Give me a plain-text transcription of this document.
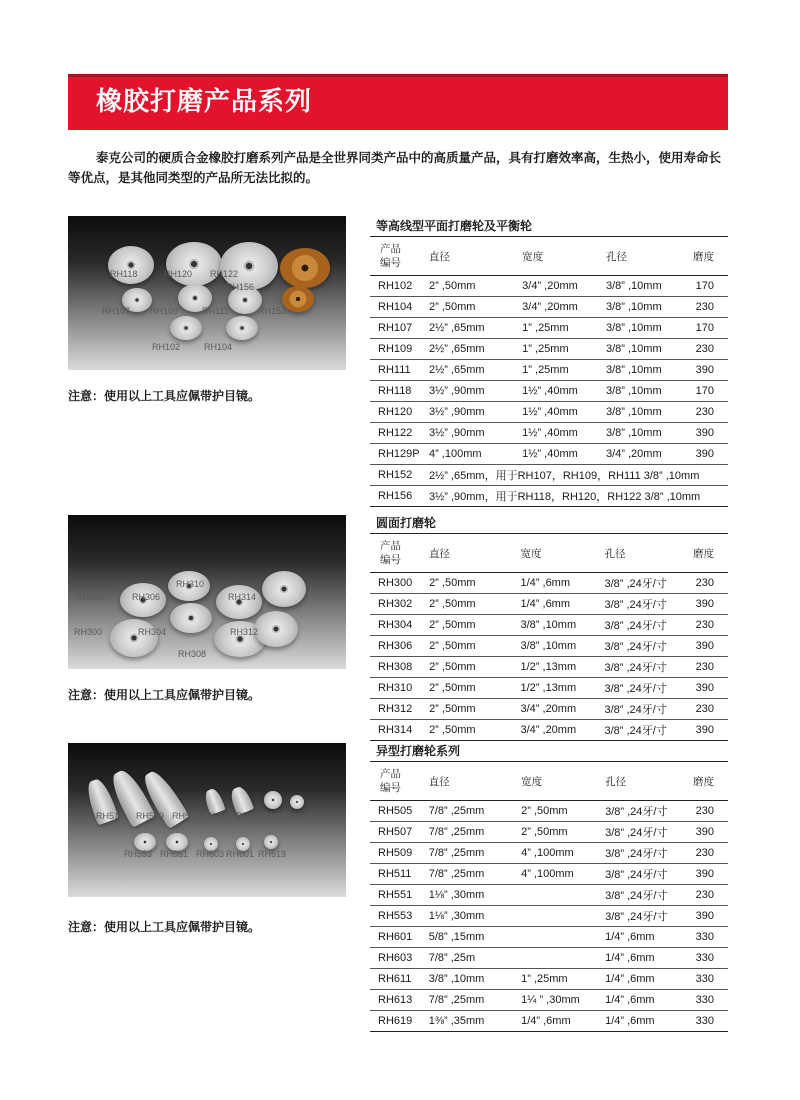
橡胶打磨产品系列
泰克公司的硬质合金橡胶打磨系列产品是全世界同类产品中的高质量产品，具有打磨效率高，生热小，使用寿命长等优点，是其他同类型的产品所无法比拟的。
RH118	RH120 RH122
RH156
RH107 RH109	RH111	RH152
RH102	RH104
注意：使用以上工具应佩带护目镜。
等高线型平面打磨轮及平衡轮
产品
编号	直径	宽度	孔径	磨度
RH102	2” ,50mm	3/4” ,20mm	3/8” ,10mm	170
RH104	2” ,50mm	3/4” ,20mm	3/8” ,10mm	230
RH107	2½” ,65mm	1” ,25mm	3/8” ,10mm	170
RH109	2½” ,65mm	1” ,25mm	3/8” ,10mm	230
RH111	2½” ,65mm	1” ,25mm	3/8” ,10mm	390
RH118	3½” ,90mm	1½” ,40mm	3/8” ,10mm	170
RH120	3½” ,90mm	1½” ,40mm	3/8” ,10mm	230
RH122	3½” ,90mm	1½” ,40mm	3/8” ,10mm	390
RH129P	4” ,100mm	1½” ,40mm	3/4” ,20mm	390
RH152	2½” ,65mm，用于RH107，RH109，RH111 3/8” ,10mm			
RH156	3½” ,90mm，用于RH118，RH120，RH122 3/8” ,10mm			
RH310
RH302	RH306	RH314
RH300	RH304	RH312
RH308
注意：使用以上工具应佩带护目镜。
圆面打磨轮
产品
编号	直径	宽度	孔径	磨度
RH300	2” ,50mm	1/4” ,6mm	3/8” ,24牙/寸	230
RH302	2” ,50mm	1/4” ,6mm	3/8” ,24牙/寸	390
RH304	2” ,50mm	3/8” ,10mm	3/8” ,24牙/寸	230
RH306	2” ,50mm	3/8” ,10mm	3/8” ,24牙/寸	390
RH308	2” ,50mm	1/2” ,13mm	3/8” ,24牙/寸	230
RH310	2” ,50mm	1/2” ,13mm	3/8” ,24牙/寸	390
RH312	2” ,50mm	3/4” ,20mm	3/8” ,24牙/寸	230
RH314	2” ,50mm	3/4” ,20mm	3/8” ,24牙/寸	390
RH511 RH509 RH507 RH505 RH613 RH611
RH553 RH551 RH603 RH601 RH619
注意：使用以上工具应佩带护目镜。
异型打磨轮系列
产品
编号	直径	宽度	孔径	磨度
RH505	7/8” ,25mm	2” ,50mm	3/8” ,24牙/寸	230
RH507	7/8” ,25mm	2” ,50mm	3/8” ,24牙/寸	390
RH509	7/8” ,25mm	4” ,100mm	3/8” ,24牙/寸	230
RH511	7/8” ,25mm	4” ,100mm	3/8” ,24牙/寸	390
RH551	1⅛” ,30mm		3/8” ,24牙/寸	230
RH553	1⅛” ,30mm		3/8” ,24牙/寸	390
RH601	5/8” ,15mm		1/4” ,6mm	330
RH603	7/8” ,25m		1/4” ,6mm	330
RH611	3/8” ,10mm	1” ,25mm	1/4” ,6mm	330
RH613	7/8” ,25mm	1¼ ” ,30mm	1/4” ,6mm	330
RH619	1⅜” ,35mm	1/4” ,6mm	1/4” ,6mm	330
